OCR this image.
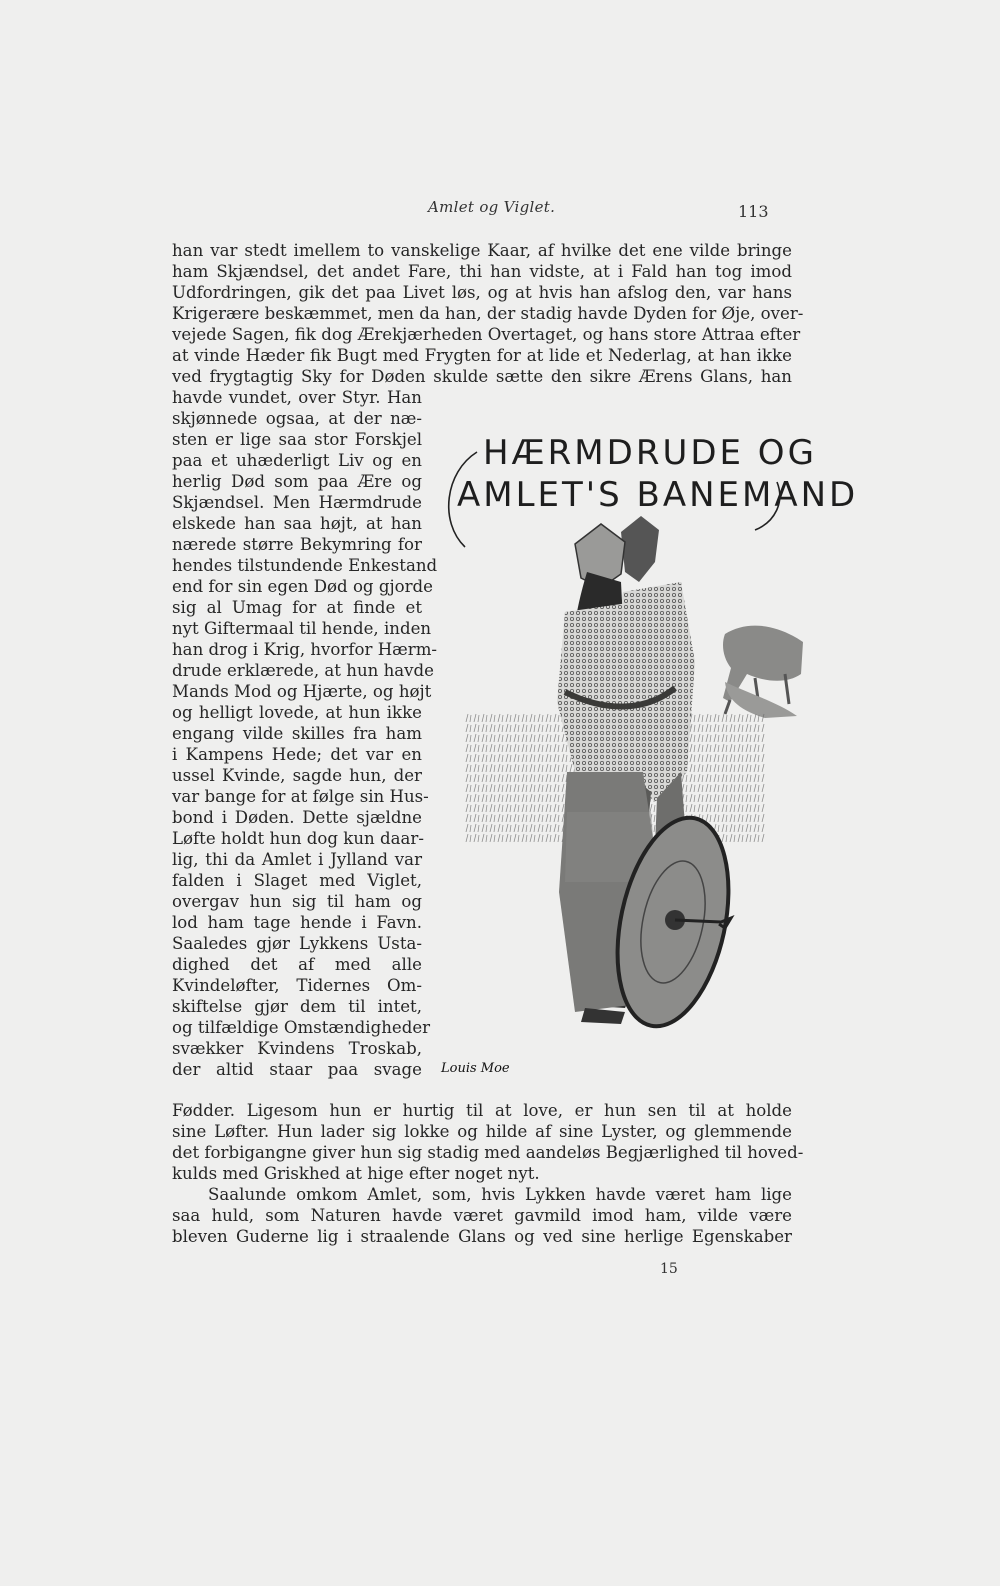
Amlet og Viglet.	113
han var stedt imellem to vanskelige Kaar, af hvilke det ene vilde bringe
ham Skjændsel, det andet Fare, thi han vidste, at i Fald han tog imod
Udfordringen, gik det paa Livet løs, og at hvis han afslog den, var hans
Krigerære beskæmmet, men da han, der stadig havde Dyden for Øje, over-
vejede Sagen, fik dog Ærekjærheden Overtaget, og hans store Attraa efter
at vinde Hæder fik Bugt med Frygten for at lide et Nederlag, at han ikke
ved frygtagtig Sky for Døden skulde sætte den sikre Ærens Glans, han
havde vundet, over Styr. Han
skjønnede ogsaa, at der næ-
sten er lige saa stor Forskjel
paa et uhæderligt Liv og en
herlig Død som paa Ære og
Skjændsel. Men Hærmdrude
elskede han saa højt, at han
nærede større Bekymring for
hendes tilstundende Enkestand
end for sin egen Død og gjorde
sig al Umag for at finde et
nyt Giftermaal til hende, inden
han drog i Krig, hvorfor Hærm-
drude erklærede, at hun havde
Mands Mod og Hjærte, og højt
og helligt lovede, at hun ikke
engang vilde skilles fra ham
i Kampens Hede; det var en
ussel Kvinde, sagde hun, der
var bange for at følge sin Hus-
bond i Døden. Dette sjældne
Løfte holdt hun dog kun daar-
lig, thi da Amlet i Jylland var
falden i Slaget med Viglet,
overgav hun sig til ham og
lod ham tage hende i Favn.
Saaledes gjør Lykkens Usta-
dighed det af med alle
Kvindeløfter, Tidernes Om-
skiftelse gjør dem til intet,
og tilfældige Omstændigheder
svækker Kvindens Troskab,
der altid staar paa svage
Fødder. Ligesom hun er hurtig til at love, er hun sen til at holde
sine Løfter. Hun lader sig lokke og hilde af sine Lyster, og glemmende
det forbigangne giver hun sig stadig med aandeløs Begjærlighed til hoved-
kulds med Griskhed at hige efter noget nyt.
Saalunde omkom Amlet, som, hvis Lykken havde været ham lige
saa huld, som Naturen havde været gavmild imod ham, vilde være
bleven Guderne lig i straalende Glans og ved sine herlige Egenskaber
15
HÆRMDRUDE OG
AMLET'S BANEMAND
Louis Moe
